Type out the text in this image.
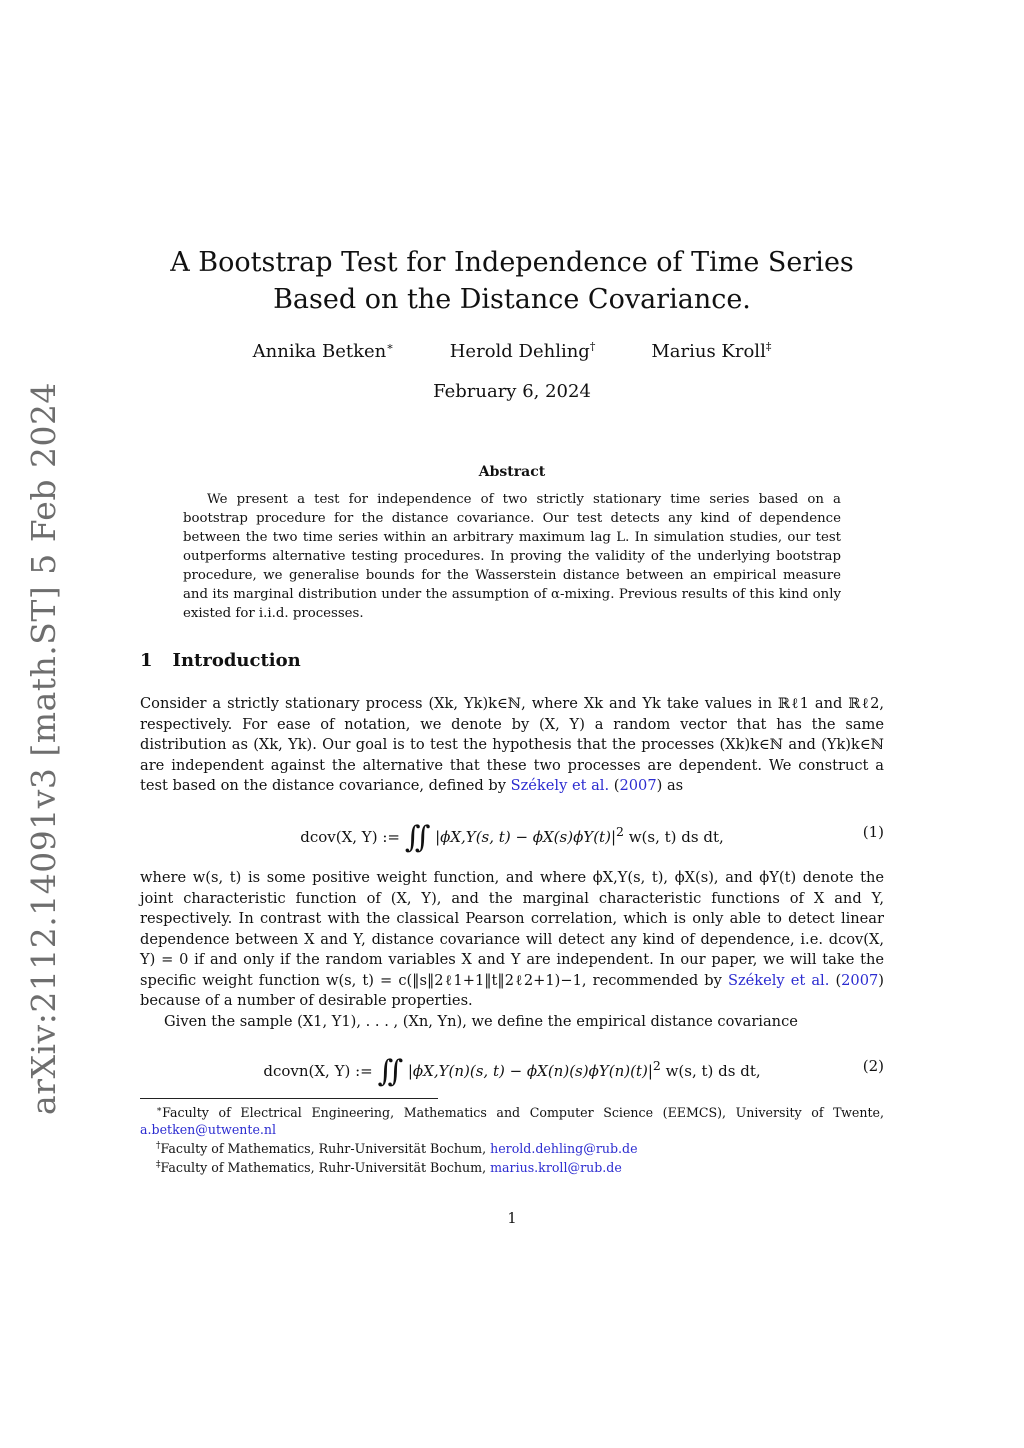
arXiv:2112.14091v3 [math.ST] 5 Feb 2024
A Bootstrap Test for Independence of Time Series Based on the Distance Covariance.
Annika Betken∗	Herold Dehling†	Marius Kroll‡
February 6, 2024
Abstract

We present a test for independence of two strictly stationary time series based on a bootstrap procedure for the distance covariance. Our test detects any kind of dependence between the two time series within an arbitrary maximum lag L. In simulation studies, our test outperforms alternative testing procedures. In proving the validity of the underlying bootstrap procedure, we generalise bounds for the Wasserstein distance between an empirical measure and its marginal distribution under the assumption of α-mixing. Previous results of this kind only existed for i.i.d. processes.

1 Introduction

Consider a strictly stationary process (Xk, Yk)k∈ℕ, where Xk and Yk take values in ℝℓ1 and ℝℓ2, respectively. For ease of notation, we denote by (X, Y) a random vector that has the same distribution as (Xk, Yk). Our goal is to test the hypothesis that the processes (Xk)k∈ℕ and (Yk)k∈ℕ are independent against the alternative that these two processes are dependent. We construct a test based on the distance covariance, defined by Székely et al. (2007) as

dcov(X, Y) := ∬ |ϕX,Y(s, $t) - \phi X(s)\phi Y(t)|^2$ w(s, t) ds dt,	(1)

where w(s, t) is some positive weight function, and where ϕX,Y(s, t), ϕX(s), and ϕY(t) denote the joint characteristic function of (X, Y), and the marginal characteristic functions of X and Y, respectively. In contrast with the classical Pearson correlation, which is only able to detect linear dependence between X and Y, distance covariance will detect any kind of dependence, i.e. dcov(X, Y) = 0 if and only if the random variables X and Y are independent. In our paper, we will take the specific weight function w(s, t) = c(‖s‖2ℓ1+1‖t‖2ℓ2+1)−1, recommended by Székely et al. (2007) because of a number of desirable properties.

Given the sample (X1, Y1), . . . , (Xn, Yn), we define the empirical distance covariance

dcovn(X, Y) := ∬ |ϕX,Y(n)(s, $t) - \phi X(n)(s)\phi Y(n)(t)|^2$ w(s, t) ds dt,	(2)

∗Faculty of Electrical Engineering, Mathematics and Computer Science (EEMCS), University of Twente, a.betken@utwente.nl

†Faculty of Mathematics, Ruhr-Universität Bochum, herold.dehling@rub.de

‡Faculty of Mathematics, Ruhr-Universität Bochum, marius.kroll@rub.de

1
